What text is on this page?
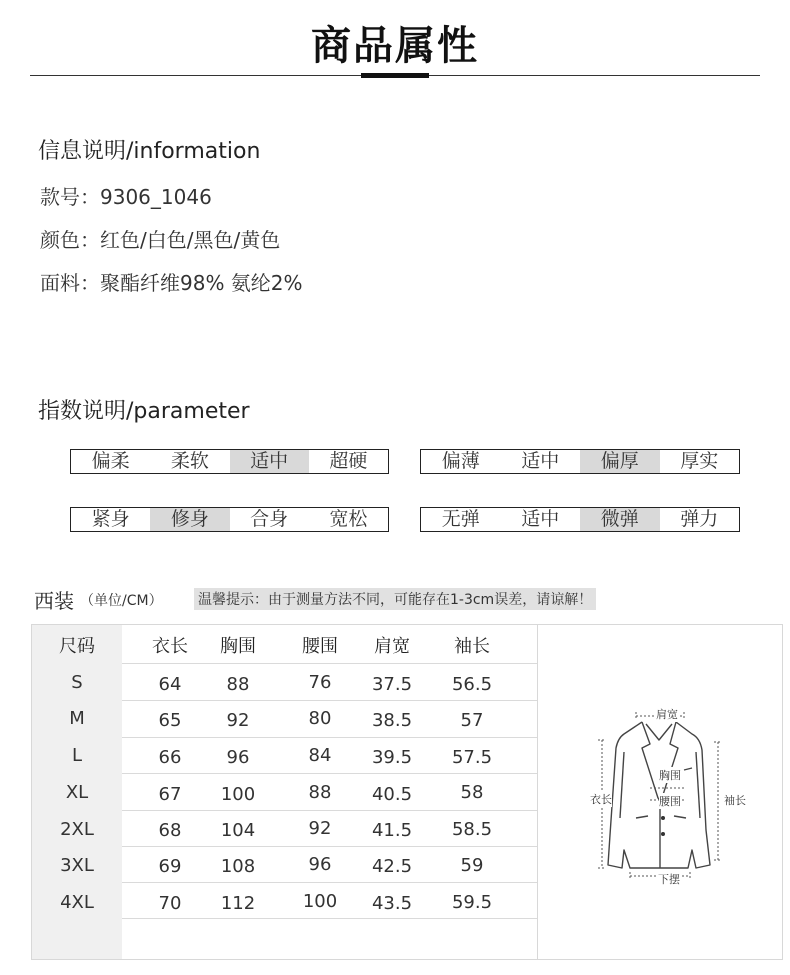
商品属性
信息说明/information
款号：9306_1046
颜色：红色/白色/黑色/黄色
面料：聚酯纤维98% 氨纶2%
指数说明/parameter
偏柔	柔软	适中	超硬	偏薄	适中	偏厚	厚实
紧身	修身	合身	宽松	无弹	适中	微弹	弹力
西装 （单位/CM）	温馨提示：由于测量方法不同，可能存在1-3cm误差，请谅解！
尺码	衣长	胸围	腰围	肩宽	袖长
S	64	88	76	37.5	56.5
M	65	92	80	38.5	57
L	66	96	84	39.5	57.5
XL	67	100	88	40.5	58
2XL	68	104	92	41.5	58.5
3XL	69	108	96	42.5	59
4XL	70	112	100	43.5	59.5
肩宽
胸围
腰围
衣长	袖长
下摆
